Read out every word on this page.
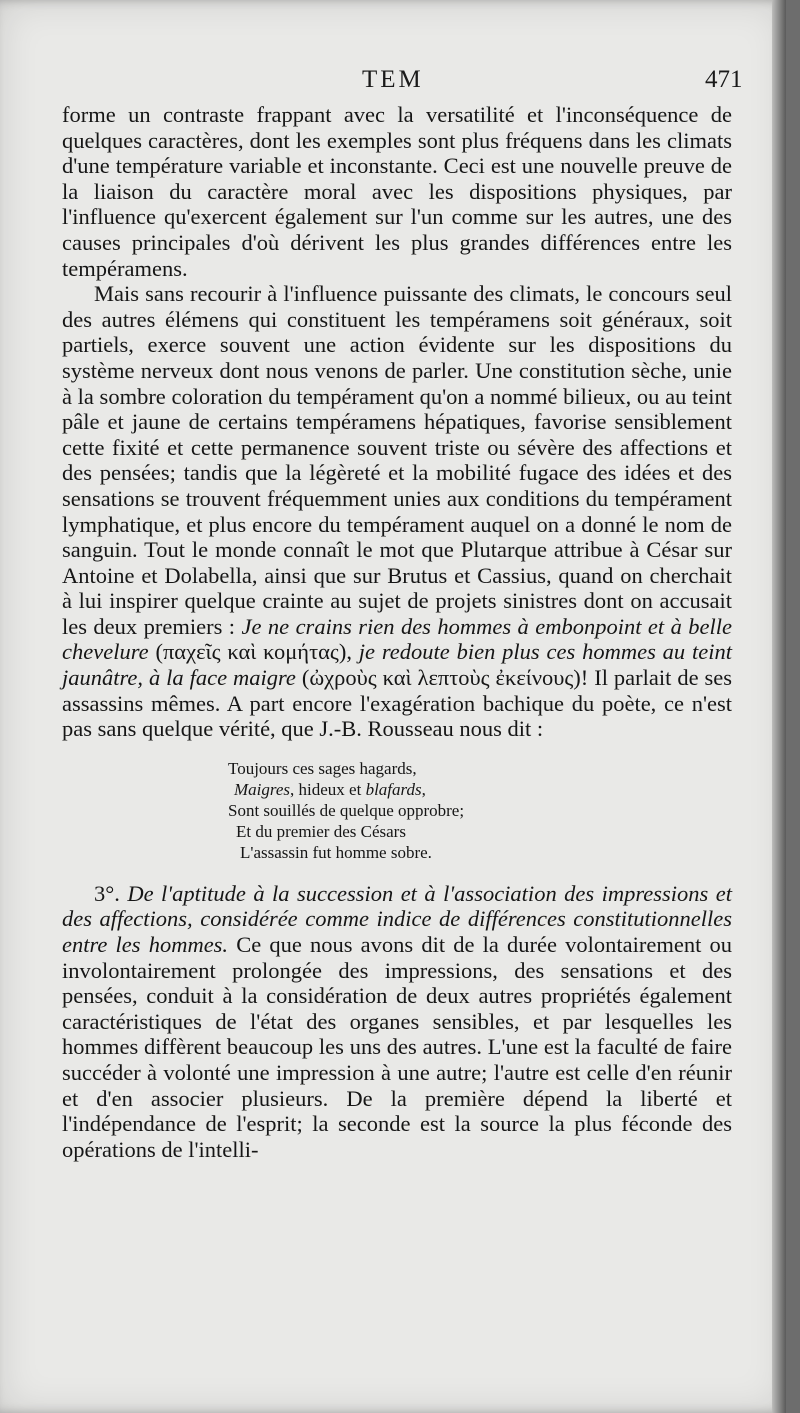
TEM	471

forme un contraste frappant avec la versatilité et l'inconséquence de quelques caractères, dont les exemples sont plus fréquens dans les climats d'une température variable et inconstante. Ceci est une nouvelle preuve de la liaison du caractère moral avec les dispositions physiques, par l'influence qu'exercent également sur l'un comme sur les autres, une des causes principales d'où dérivent les plus grandes différences entre les tempéramens.

Mais sans recourir à l'influence puissante des climats, le concours seul des autres élémens qui constituent les tempéramens soit généraux, soit partiels, exerce souvent une action évidente sur les dispositions du système nerveux dont nous venons de parler. Une constitution sèche, unie à la sombre coloration du tempérament qu'on a nommé bilieux, ou au teint pâle et jaune de certains tempéramens hépatiques, favorise sensiblement cette fixité et cette permanence souvent triste ou sévère des affections et des pensées; tandis que la légèreté et la mobilité fugace des idées et des sensations se trouvent fréquemment unies aux conditions du tempérament lymphatique, et plus encore du tempérament auquel on a donné le nom de sanguin. Tout le monde connaît le mot que Plutarque attribue à César sur Antoine et Dolabella, ainsi que sur Brutus et Cassius, quand on cherchait à lui inspirer quelque crainte au sujet de projets sinistres dont on accusait les deux premiers : Je ne crains rien des hommes à embonpoint et à belle chevelure (παχεῖς καὶ κομήτας), je redoute bien plus ces hommes au teint jaunâtre, à la face maigre (ὠχροὺς καὶ λεπτοὺς ἐκείνους)! Il parlait de ses assassins mêmes. A part encore l'exagération bachique du poète, ce n'est pas sans quelque vérité, que J.-B. Rousseau nous dit :

Toujours ces sages hagards,
Maigres, hideux et blafards,
Sont souillés de quelque opprobre;
Et du premier des Césars
L'assassin fut homme sobre.

3°. De l'aptitude à la succession et à l'association des impressions et des affections, considérée comme indice de différences constitutionnelles entre les hommes. Ce que nous avons dit de la durée volontairement ou involontairement prolongée des impressions, des sensations et des pensées, conduit à la considération de deux autres propriétés également caractéristiques de l'état des organes sensibles, et par lesquelles les hommes diffèrent beaucoup les uns des autres. L'une est la faculté de faire succéder à volonté une impression à une autre; l'autre est celle d'en réunir et d'en associer plusieurs. De la première dépend la liberté et l'indépendance de l'esprit; la seconde est la source la plus féconde des opérations de l'intelli-
